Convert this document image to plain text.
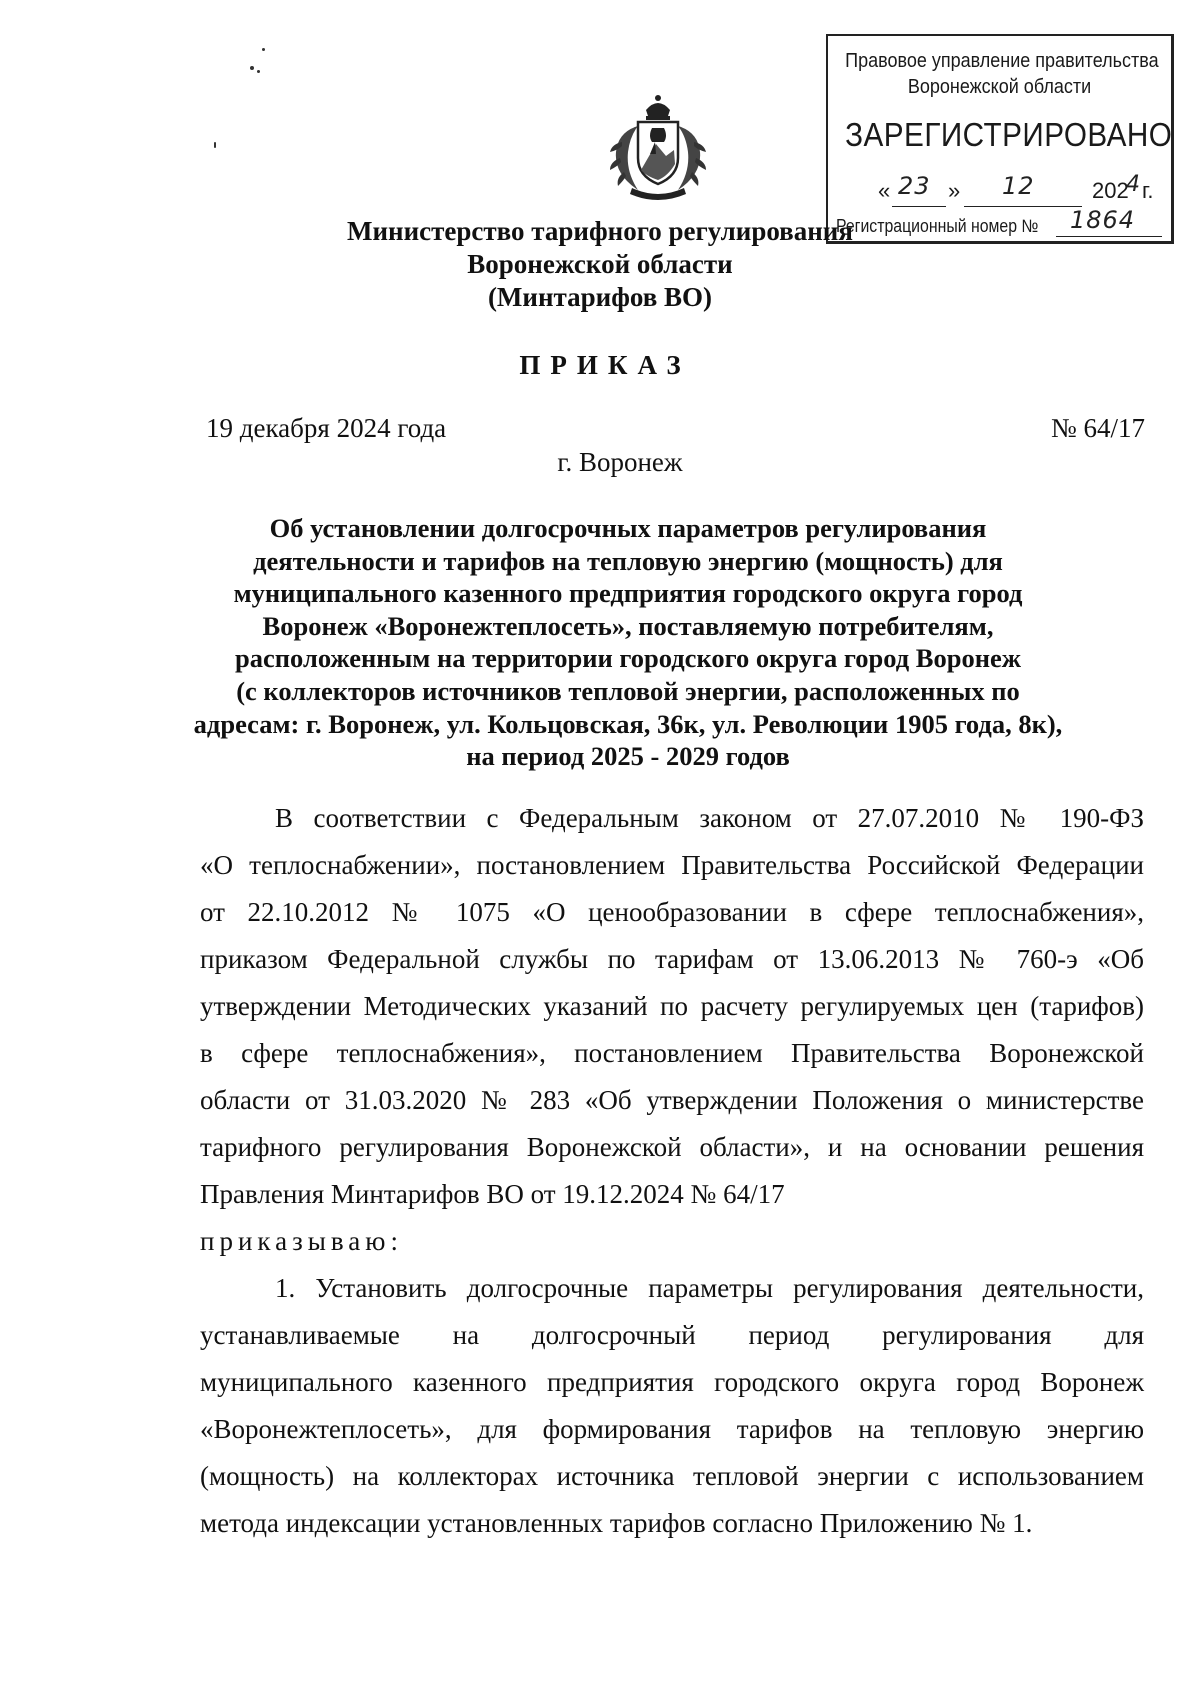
Правовое управление правительства
Воронежской области
ЗАРЕГИСТРИРОВАНО
« 23 » 12	202
4 г.
Регистрационный номер № 1864
Министерство тарифного регулирования
Воронежской области
(Минтарифов ВО)
ПРИКАЗ
19 декабря 2024 года	№ 64/17
г. Воронеж
Об установлении долгосрочных параметров регулирования
деятельности и тарифов на тепловую энергию (мощность) для
муниципального казенного предприятия городского округа город
Воронеж «Воронежтеплосеть», поставляемую потребителям,
расположенным на территории городского округа город Воронеж
(с коллекторов источников тепловой энергии, расположенных по
адресам: г. Воронеж, ул. Кольцовская, 36к, ул. Революции 1905 года, 8к),
на период 2025 - 2029 годов
В соответствии с Федеральным законом от 27.07.2010 № 190-ФЗ
«О теплоснабжении», постановлением Правительства Российской Федерации
от 22.10.2012 № 1075 «О ценообразовании в сфере теплоснабжения»,
приказом Федеральной службы по тарифам от 13.06.2013 № 760-э «Об
утверждении Методических указаний по расчету регулируемых цен (тарифов)
в сфере теплоснабжения», постановлением Правительства Воронежской
области от 31.03.2020 № 283 «Об утверждении Положения о министерстве
тарифного регулирования Воронежской области», и на основании решения
Правления Минтарифов ВО от 19.12.2024 № 64/17
приказываю:
1. Установить долгосрочные параметры регулирования деятельности,
устанавливаемые на долгосрочный период регулирования для
муниципального казенного предприятия городского округа город Воронеж
«Воронежтеплосеть», для формирования тарифов на тепловую энергию
(мощность) на коллекторах источника тепловой энергии с использованием
метода индексации установленных тарифов согласно Приложению № 1.
